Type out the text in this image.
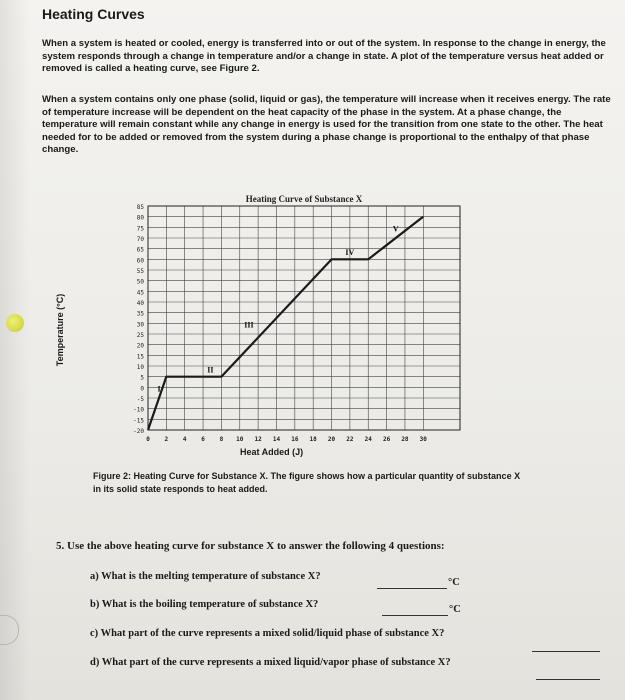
Heating Curves
When a system is heated or cooled, energy is transferred into or out of the system. In response to the change in energy, the system responds through a change in temperature and/or a change in state. A plot of the temperature versus heat added or removed is called a heating curve, see Figure 2.
When a system contains only one phase (solid, liquid or gas), the temperature will increase when it receives energy. The rate of temperature increase will be dependent on the heat capacity of the phase in the system. At a phase change, the temperature will remain constant while any change in energy is used for the transition from one state to the other. The heat needed for to be added or removed from the system during a phase change is proportional to the enthalpy of that phase change.
Heating Curve of Substance X
-20
-15
-10
-5
0
5
10
15
20
25
30
35
40
45
50
55
60
65
70
75
80
85
0 2 4 6 8 10 12 14 16 18 20 22 24 26 28 30
I
II
III
IV
V
Temperature (°C)
Heat Added (J)
Figure 2: Heating Curve for Substance X. The figure shows how a particular quantity of substance X in its solid state responds to heat added.
5. Use the above heating curve for substance X to answer the following 4 questions:
a) What is the melting temperature of substance X?
°C
b) What is the boiling temperature of substance X?	°C
c) What part of the curve represents a mixed solid/liquid phase of substance X?
d) What part of the curve represents a mixed liquid/vapor phase of substance X?
